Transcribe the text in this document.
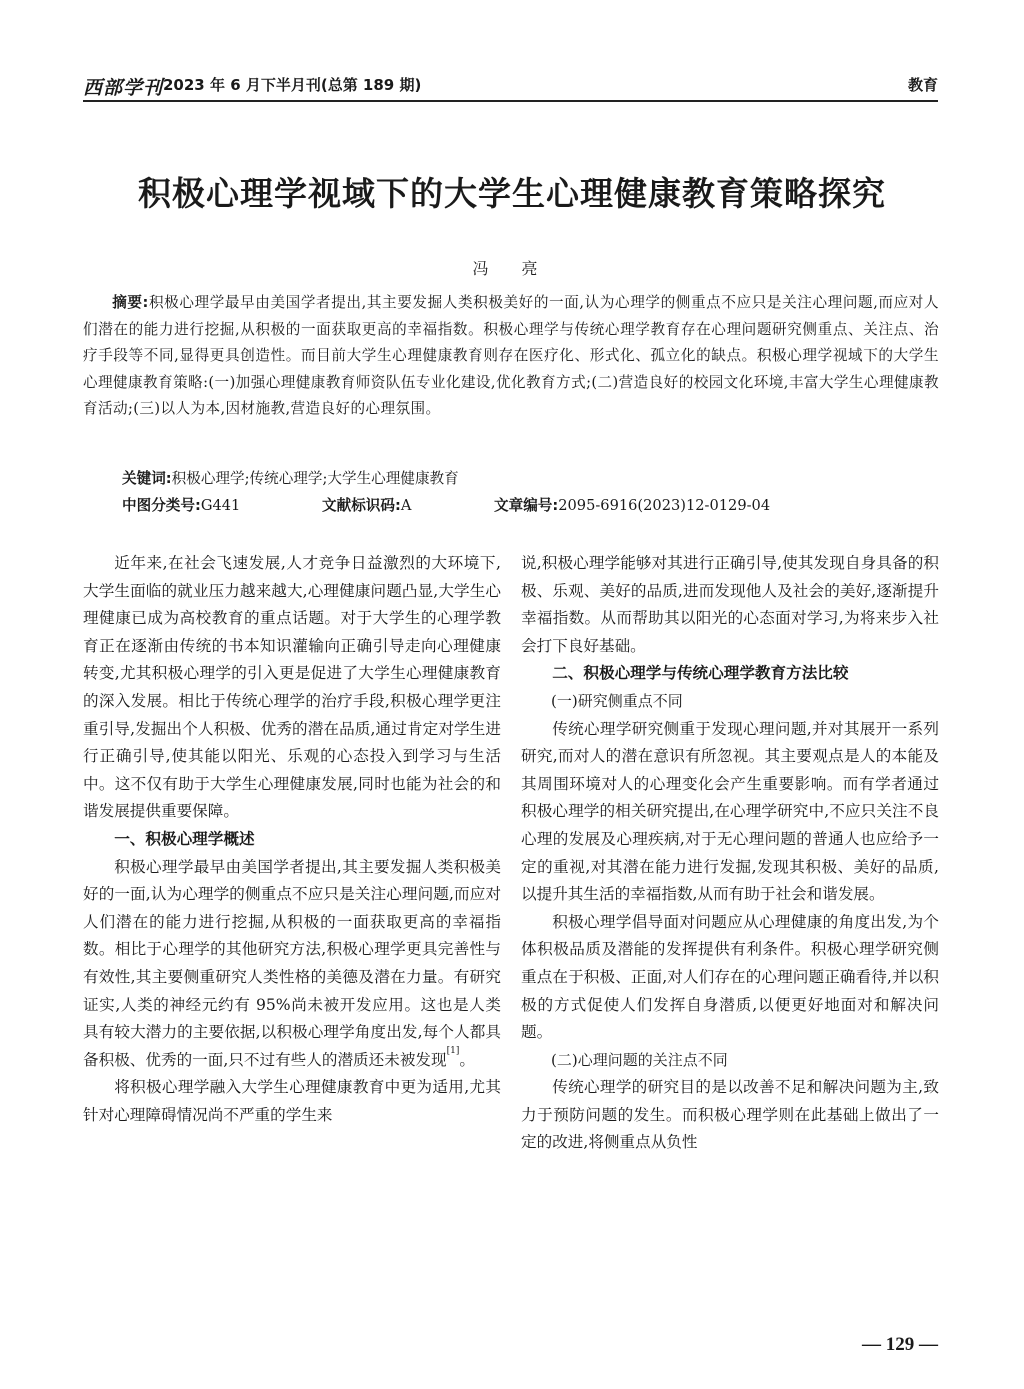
西部学刊 2023 年 6 月下半月刊(总第 189 期)	教育
积极心理学视域下的大学生心理健康教育策略探究
冯 亮

摘要:积极心理学最早由美国学者提出,其主要发掘人类积极美好的一面,认为心理学的侧重点不应只是关注心理问题,而应对人们潜在的能力进行挖掘,从积极的一面获取更高的幸福指数。积极心理学与传统心理学教育存在心理问题研究侧重点、关注点、治疗手段等不同,显得更具创造性。而目前大学生心理健康教育则存在医疗化、形式化、孤立化的缺点。积极心理学视域下的大学生心理健康教育策略:(一)加强心理健康教育师资队伍专业化建设,优化教育方式;(二)营造良好的校园文化环境,丰富大学生心理健康教育活动;(三)以人为本,因材施教,营造良好的心理氛围。

关键词:积极心理学;传统心理学;大学生心理健康教育
中图分类号:G441	文献标识码:A	文章编号:2095-6916(2023)12-0129-04

近年来,在社会飞速发展,人才竞争日益激烈的大环境下,大学生面临的就业压力越来越大,心理健康问题凸显,大学生心理健康已成为高校教育的重点话题。对于大学生的心理学教育正在逐渐由传统的书本知识灌输向正确引导走向心理健康转变,尤其积极心理学的引入更是促进了大学生心理健康教育的深入发展。相比于传统心理学的治疗手段,积极心理学更注重引导,发掘出个人积极、优秀的潜在品质,通过肯定对学生进行正确引导,使其能以阳光、乐观的心态投入到学习与生活中。这不仅有助于大学生心理健康发展,同时也能为社会的和谐发展提供重要保障。

一、积极心理学概述

积极心理学最早由美国学者提出,其主要发掘人类积极美好的一面,认为心理学的侧重点不应只是关注心理问题,而应对人们潜在的能力进行挖掘,从积极的一面获取更高的幸福指数。相比于心理学的其他研究方法,积极心理学更具完善性与有效性,其主要侧重研究人类性格的美德及潜在力量。有研究证实,人类的神经元约有 95%尚未被开发应用。这也是人类具有较大潜力的主要依据,以积极心理学角度出发,每个人都具备积极、优秀的一面,只不过有些人的潜质还未被发现[1]。

将积极心理学融入大学生心理健康教育中更为适用,尤其针对心理障碍情况尚不严重的学生来

说,积极心理学能够对其进行正确引导,使其发现自身具备的积极、乐观、美好的品质,进而发现他人及社会的美好,逐渐提升幸福指数。从而帮助其以阳光的心态面对学习,为将来步入社会打下良好基础。

二、积极心理学与传统心理学教育方法比较
(一)研究侧重点不同

传统心理学研究侧重于发现心理问题,并对其展开一系列研究,而对人的潜在意识有所忽视。其主要观点是人的本能及其周围环境对人的心理变化会产生重要影响。而有学者通过积极心理学的相关研究提出,在心理学研究中,不应只关注不良心理的发展及心理疾病,对于无心理问题的普通人也应给予一定的重视,对其潜在能力进行发掘,发现其积极、美好的品质,以提升其生活的幸福指数,从而有助于社会和谐发展。

积极心理学倡导面对问题应从心理健康的角度出发,为个体积极品质及潜能的发挥提供有利条件。积极心理学研究侧重点在于积极、正面,对人们存在的心理问题正确看待,并以积极的方式促使人们发挥自身潜质,以便更好地面对和解决问题。

(二)心理问题的关注点不同

传统心理学的研究目的是以改善不足和解决问题为主,致力于预防问题的发生。而积极心理学则在此基础上做出了一定的改进,将侧重点从负性

— 129 —
